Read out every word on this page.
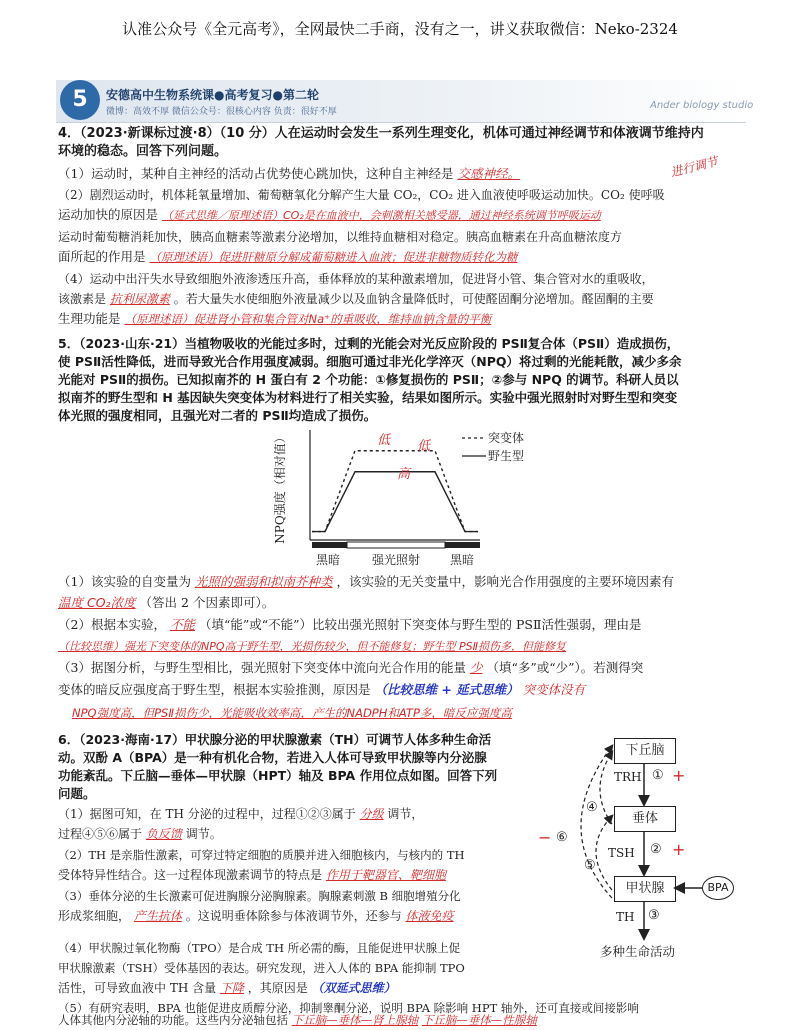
认准公众号《全元高考》，全网最快二手商，没有之一，讲义获取微信：Neko-2324
5	安德高中生物系统课●高考复习●第二轮
微博：高效不厚 微信公众号：很核心内容 负责：很好不厚
Ander biology studio
4．（2023·新课标过渡·8）（10 分）人在运动时会发生一系列生理变化，机体可通过神经调节和体液调节维持内
环境的稳态。回答下列问题。
（1）运动时，某种自主神经的活动占优势使心跳加快，这种自主神经是 交感神经。	进行调节
（2）剧烈运动时，机体耗氧量增加、葡萄糖氧化分解产生大量 CO₂，CO₂ 进入血液使呼吸运动加快。CO₂ 使呼吸
运动加快的原因是 （延式思维／原理述语）CO₂是在血液中，会刺激相关感受器，通过神经系统调节呼吸运动
运动时葡萄糖消耗加快，胰高血糖素等激素分泌增加，以维持血糖相对稳定。胰高血糖素在升高血糖浓度方
面所起的作用是 （原理述语）促进肝糖原分解成葡萄糖进入血液；促进非糖物质转化为糖
（4）运动中出汗失水导致细胞外液渗透压升高，垂体释放的某种激素增加，促进肾小管、集合管对水的重吸收，
该激素是 抗利尿激素 。若大量失水使细胞外液量减少以及血钠含量降低时，可使醛固酮分泌增加。醛固酮的主要
生理功能是 （原理述语）促进肾小管和集合管对Na⁺的重吸收，维持血钠含量的平衡
5．（2023·山东·21）当植物吸收的光能过多时，过剩的光能会对光反应阶段的 PSⅡ复合体（PSⅡ）造成损伤，
使 PSⅡ活性降低，进而导致光合作用强度减弱。细胞可通过非光化学淬灭（NPQ）将过剩的光能耗散，减少多余
光能对 PSⅡ的损伤。已知拟南芥的 H 蛋白有 2 个功能：①修复损伤的 PSⅡ；②参与 NPQ 的调节。科研人员以
拟南芥的野生型和 H 基因缺失突变体为材料进行了相关实验，结果如图所示。实验中强光照射时对野生型和突变
体光照的强度相同，且强光对二者的 PSⅡ均造成了损伤。
NPQ强度（相对值）
黑暗	强光照射 黑暗
突变体
野生型
低
高
低
（1）该实验的自变量为 光照的强弱和拟南芥种类 ，该实验的无关变量中，影响光合作用强度的主要环境因素有
温度 CO₂浓度 （答出 2 个因素即可）。
（2）根据本实验， 不能 （填“能”或“不能”）比较出强光照射下突变体与野生型的 PSⅡ活性强弱，理由是
（比较思维）强光下突变体的NPQ高于野生型，光损伤较少，但不能修复；野生型 PSⅡ损伤多，但能修复
（3）据图分析，与野生型相比，强光照射下突变体中流向光合作用的能量 少 （填“多”或“少”）。若测得突
变体的暗反应强度高于野生型，根据本实验推测，原因是 （比较思维 + 延式思维） 突变体没有
NPQ强度高，但PSⅡ损伤少，光能吸收效率高，产生的NADPH和ATP多，暗反应强度高
6．（2023·海南·17）甲状腺分泌的甲状腺激素（TH）可调节人体多种生命活
动。双酚 A（BPA）是一种有机化合物，若进入人体可导致甲状腺等内分泌腺
功能紊乱。下丘脑—垂体—甲状腺（HPT）轴及 BPA 作用位点如图。回答下列
问题。
（1）据图可知，在 TH 分泌的过程中，过程①②③属于 分级 调节，
过程④⑤⑥属于 负反馈 调节。
（2）TH 是亲脂性激素，可穿过特定细胞的质膜并进入细胞核内，与核内的 TH
受体特异性结合。这一过程体现激素调节的特点是 作用于靶器官、靶细胞
（3）垂体分泌的生长激素可促进胸腺分泌胸腺素。胸腺素刺激 B 细胞增殖分化
形成浆细胞， 产生抗体 。这说明垂体除参与体液调节外，还参与 体液免疫
（4）甲状腺过氧化物酶（TPO）是合成 TH 所必需的酶，且能促进甲状腺上促
甲状腺激素（TSH）受体基因的表达。研究发现，进入人体的 BPA 能抑制 TPO
活性，可导致血液中 TH 含量 下降 ，其原因是 （双延式思维）
（5）有研究表明，BPA 也能促进皮质醇分泌，抑制睾酮分泌，说明 BPA 除影响 HPT 轴外，还可直接或间接影响
人体其他内分泌轴的功能。这些内分泌轴包括 下丘脑—垂体—肾上腺轴 下丘脑—垂体—性腺轴
下丘脑
垂体
甲状腺	BPA
TRH ① +
TSH ② +
TH ③
④
⑤
⑥
−
多种生命活动
